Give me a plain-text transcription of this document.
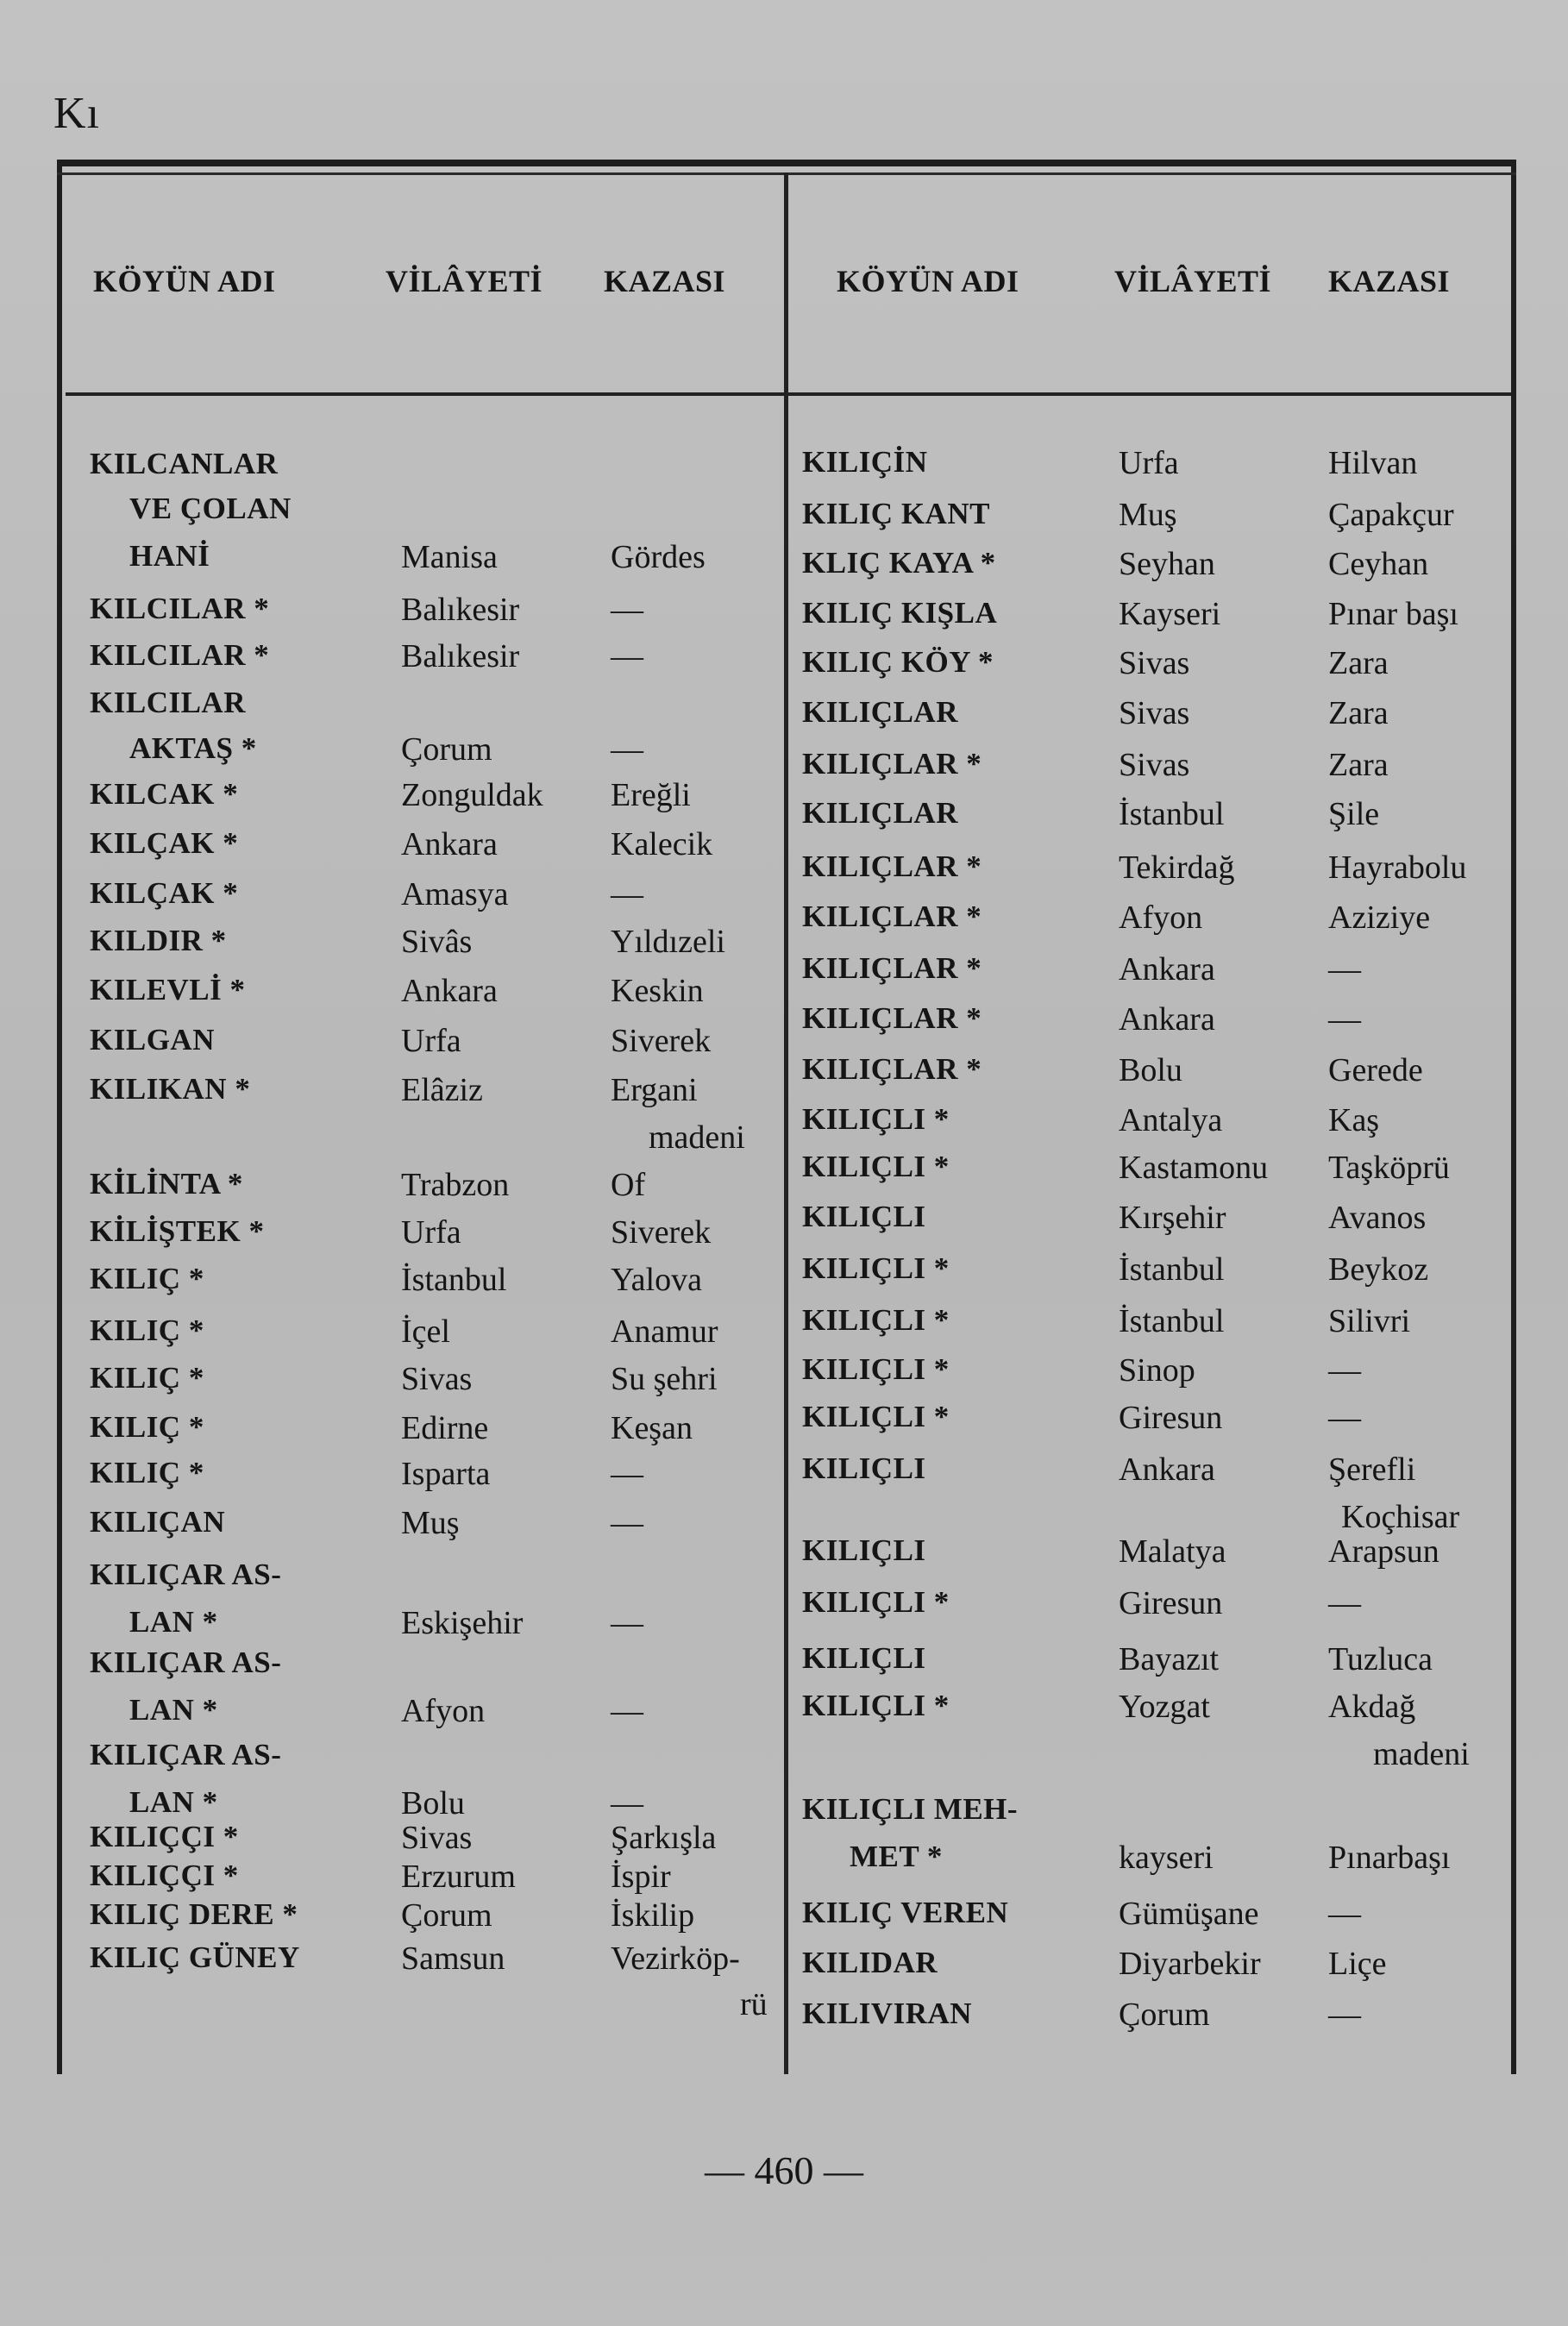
Kı
KÖYÜN ADI	VİLÂYETİ KAZASI	KÖYÜN ADI	VİLÂYETİ KAZASI
KILCANLAR
VE ÇOLAN
HANİ	Manisa	Gördes
KILCILAR *	Balıkesir	—
KILCILAR *	Balıkesir	—
KILCILAR
AKTAŞ *	Çorum	—
KILCAK *	Zonguldak Ereğli
KILÇAK *	Ankara	Kalecik
KILÇAK *	Amasya	—
KILDIR *	Sivâs	Yıldızeli
KILEVLİ *	Ankara	Keskin
KILGAN	Urfa	Siverek
KILIKAN *	Elâziz	Ergani
madeni
KİLİNTA *	Trabzon	Of
KİLİŞTEK *	Urfa	Siverek
KILIÇ *	İstanbul	Yalova
KILIÇ *	İçel	Anamur
KILIÇ *	Sivas	Su şehri
KILIÇ *	Edirne	Keşan
KILIÇ *	Isparta	—
KILIÇAN	Muş	—
KILIÇAR AS-
LAN *	Eskişehir	—
KILIÇAR AS-
LAN *	Afyon	—
KILIÇAR AS-
LAN *	Bolu	—
KILIÇÇI *	Sivas	Şarkışla
KILIÇÇI *	Erzurum	İspir
KILIÇ DERE *	Çorum	İskilip
KILIÇ GÜNEY	Samsun	Vezirköp-
rü
KILIÇİN	Urfa	Hilvan
KILIÇ KANT	Muş	Çapakçur
KLIÇ KAYA *	Seyhan	Ceyhan
KILIÇ KIŞLA	Kayseri	Pınar başı
KILIÇ KÖY *	Sivas	Zara
KILIÇLAR	Sivas	Zara
KILIÇLAR *	Sivas	Zara
KILIÇLAR	İstanbul	Şile
KILIÇLAR *	Tekirdağ	Hayrabolu
KILIÇLAR *	Afyon	Aziziye
KILIÇLAR *	Ankara	—
KILIÇLAR *	Ankara	—
KILIÇLAR *	Bolu	Gerede
KILIÇLI *	Antalya	Kaş
KILIÇLI *	Kastamonu Taşköprü
KILIÇLI	Kırşehir	Avanos
KILIÇLI *	İstanbul	Beykoz
KILIÇLI *	İstanbul	Silivri
KILIÇLI *	Sinop	—
KILIÇLI *	Giresun	—
KILIÇLI	Ankara	Şerefli
Koçhisar
KILIÇLI	Malatya	Arapsun
KILIÇLI *	Giresun	—
KILIÇLI	Bayazıt	Tuzluca
KILIÇLI *	Yozgat	Akdağ
madeni
KILIÇLI MEH-
MET *	kayseri	Pınarbaşı
KILIÇ VEREN	Gümüşane —
KILIDAR	Diyarbekir Liçe
KILIVIRAN	Çorum	—
— 460 —
